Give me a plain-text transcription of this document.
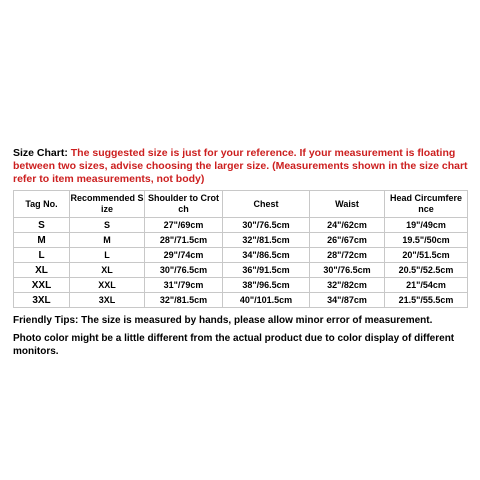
Size Chart: The suggested size is just for your reference. If your measurement is floating between two sizes, advise choosing the larger size. (Measurements shown in the size chart refer to item measurements, not body)

Tag No.	Recommended S ize	Shoulder to Crot ch	Chest	Waist	Head Circumfere nce
S	S	27"/69cm	30"/76.5cm	24"/62cm	19"/49cm
M	M	28"/71.5cm	32"/81.5cm	26"/67cm	19.5"/50cm
L	L	29"/74cm	34"/86.5cm	28"/72cm	20"/51.5cm
XL	XL	30"/76.5cm	36"/91.5cm	30"/76.5cm	20.5"/52.5cm
XXL	XXL	31"/79cm	38"/96.5cm	32"/82cm	21"/54cm
3XL	3XL	32"/81.5cm	40"/101.5cm	34"/87cm	21.5"/55.5cm

Friendly Tips: The size is measured by hands, please allow minor error of measurement.

Photo color might be a little different from the actual product due to color display of different monitors.
